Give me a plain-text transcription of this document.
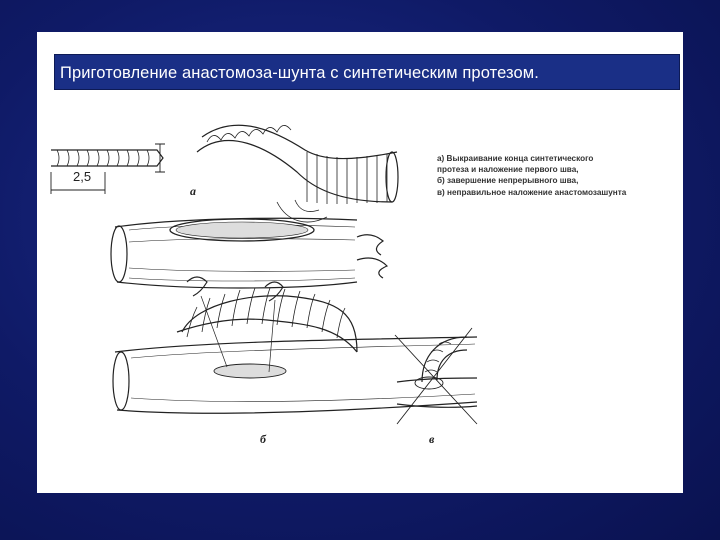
Приготовление анастомоза-шунта с синтетическим протезом.
2,5
а
б	в
а) Выкраивание конца синтетического
протеза и наложение первого шва,
б) завершение непрерывного шва,
в) неправильное наложение анастомозашунта
